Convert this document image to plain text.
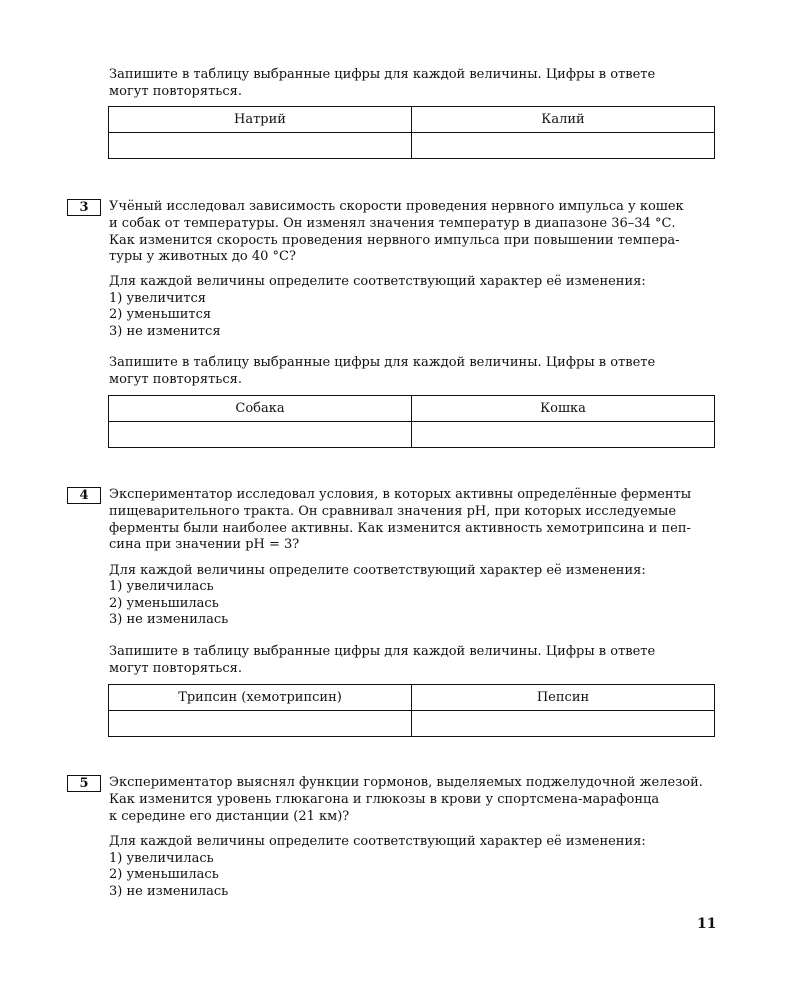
Запишите в таблицу выбранные цифры для каждой величины. Цифры в ответе

могут повторяться.

Натрий	Калий

3	Учёный исследовал зависимость скорости проведения нервного импульса у кошек

и собак от температуры. Он изменял значения температур в диапазоне 36–34 °С.

Как изменится скорость проведения нервного импульса при повышении темпера-

туры у животных до 40 °С?

Для каждой величины определите соответствующий характер её изменения:

1) увеличится

2) уменьшится

3) не изменится

Запишите в таблицу выбранные цифры для каждой величины. Цифры в ответе

могут повторяться.

Собака	Кошка

4	Экспериментатор исследовал условия, в которых активны определённые ферменты

пищеварительного тракта. Он сравнивал значения pH, при которых исследуемые

ферменты были наиболее активны. Как изменится активность хемотрипсина и пеп-

сина при значении pH = 3?

Для каждой величины определите соответствующий характер её изменения:

1) увеличилась

2) уменьшилась

3) не изменилась

Запишите в таблицу выбранные цифры для каждой величины. Цифры в ответе

могут повторяться.

Трипсин (хемотрипсин)	Пепсин

5	Экспериментатор выяснял функции гормонов, выделяемых поджелудочной железой.

Как изменится уровень глюкагона и глюкозы в крови у спортсмена-марафонца

к середине его дистанции (21 км)?

Для каждой величины определите соответствующий характер её изменения:

1) увеличилась

2) уменьшилась

3) не изменилась

11
